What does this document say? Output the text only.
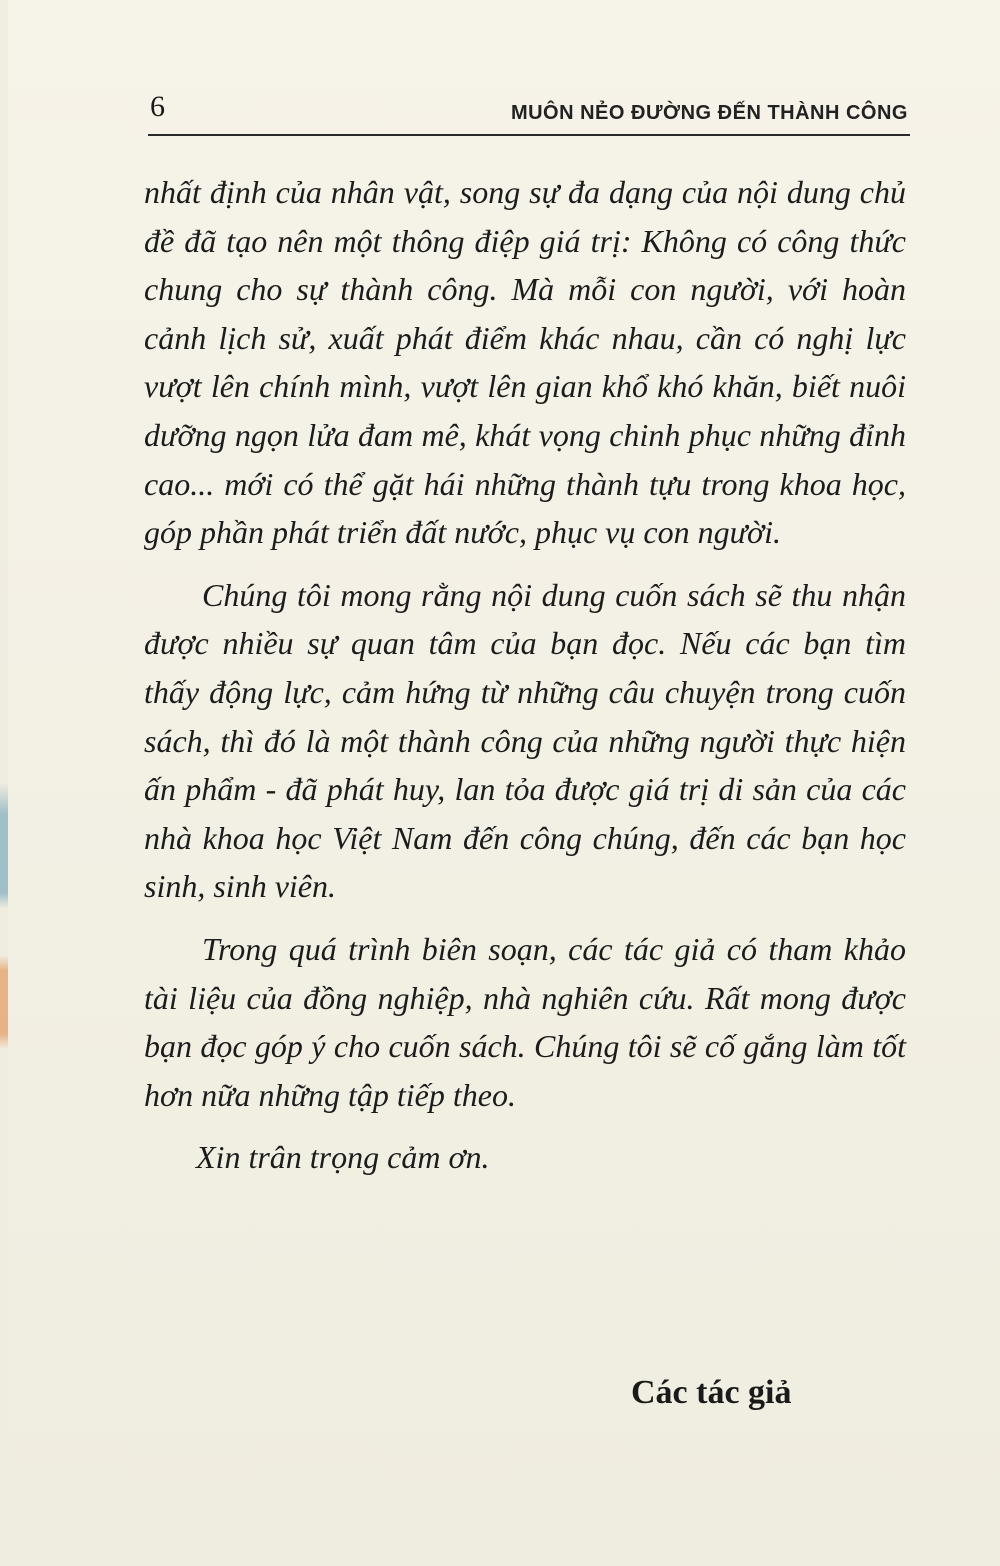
6	MUÔN NẺO ĐƯỜNG ĐẾN THÀNH CÔNG

nhất định của nhân vật, song sự đa dạng của nội dung chủ đề đã tạo nên một thông điệp giá trị: Không có công thức chung cho sự thành công. Mà mỗi con người, với hoàn cảnh lịch sử, xuất phát điểm khác nhau, cần có nghị lực vượt lên chính mình, vượt lên gian khổ khó khăn, biết nuôi dưỡng ngọn lửa đam mê, khát vọng chinh phục những đỉnh cao... mới có thể gặt hái những thành tựu trong khoa học, góp phần phát triển đất nước, phục vụ con người.

Chúng tôi mong rằng nội dung cuốn sách sẽ thu nhận được nhiều sự quan tâm của bạn đọc. Nếu các bạn tìm thấy động lực, cảm hứng từ những câu chuyện trong cuốn sách, thì đó là một thành công của những người thực hiện ấn phẩm - đã phát huy, lan tỏa được giá trị di sản của các nhà khoa học Việt Nam đến công chúng, đến các bạn học sinh, sinh viên.

Trong quá trình biên soạn, các tác giả có tham khảo tài liệu của đồng nghiệp, nhà nghiên cứu. Rất mong được bạn đọc góp ý cho cuốn sách. Chúng tôi sẽ cố gắng làm tốt hơn nữa những tập tiếp theo.

Xin trân trọng cảm ơn.

Các tác giả
